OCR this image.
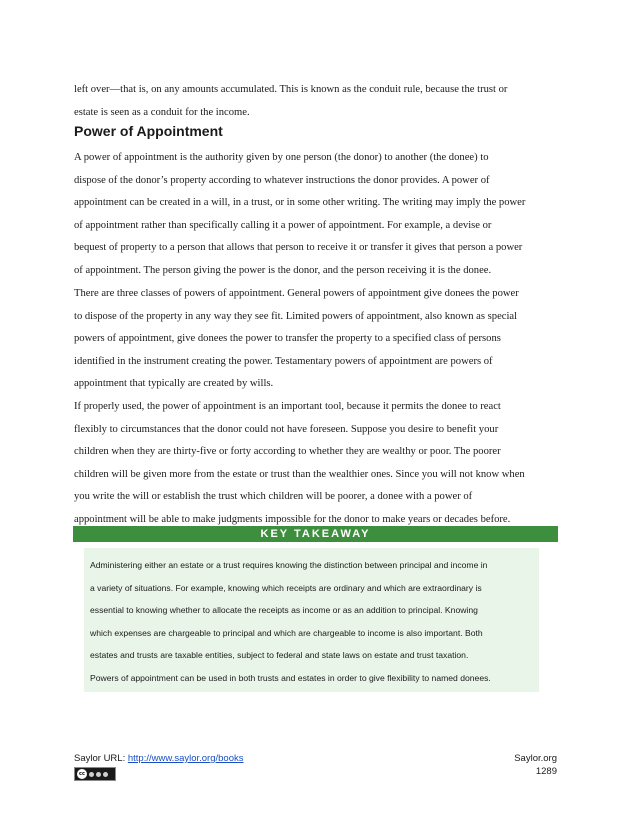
left over—that is, on any amounts accumulated. This is known as the conduit rule, because the trust or
estate is seen as a conduit for the income.

Power of Appointment

A power of appointment is the authority given by one person (the donor) to another (the donee) to
dispose of the donor’s property according to whatever instructions the donor provides. A power of
appointment can be created in a will, in a trust, or in some other writing. The writing may imply the power
of appointment rather than specifically calling it a power of appointment. For example, a devise or
bequest of property to a person that allows that person to receive it or transfer it gives that person a power
of appointment. The person giving the power is the donor, and the person receiving it is the donee.

There are three classes of powers of appointment. General powers of appointment give donees the power
to dispose of the property in any way they see fit. Limited powers of appointment, also known as special
powers of appointment, give donees the power to transfer the property to a specified class of persons
identified in the instrument creating the power. Testamentary powers of appointment are powers of
appointment that typically are created by wills.

If properly used, the power of appointment is an important tool, because it permits the donee to react
flexibly to circumstances that the donor could not have foreseen. Suppose you desire to benefit your
children when they are thirty-five or forty according to whether they are wealthy or poor. The poorer
children will be given more from the estate or trust than the wealthier ones. Since you will not know when
you write the will or establish the trust which children will be poorer, a donee with a power of
appointment will be able to make judgments impossible for the donor to make years or decades before.

KEY TAKEAWAY

Administering either an estate or a trust requires knowing the distinction between principal and income in
a variety of situations. For example, knowing which receipts are ordinary and which are extraordinary is
essential to knowing whether to allocate the receipts as income or as an addition to principal. Knowing
which expenses are chargeable to principal and which are chargeable to income is also important. Both
estates and trusts are taxable entities, subject to federal and state laws on estate and trust taxation.
Powers of appointment can be used in both trusts and estates in order to give flexibility to named donees.

Saylor URL: http://www.saylor.org/books
cc
Saylor.org
1289
